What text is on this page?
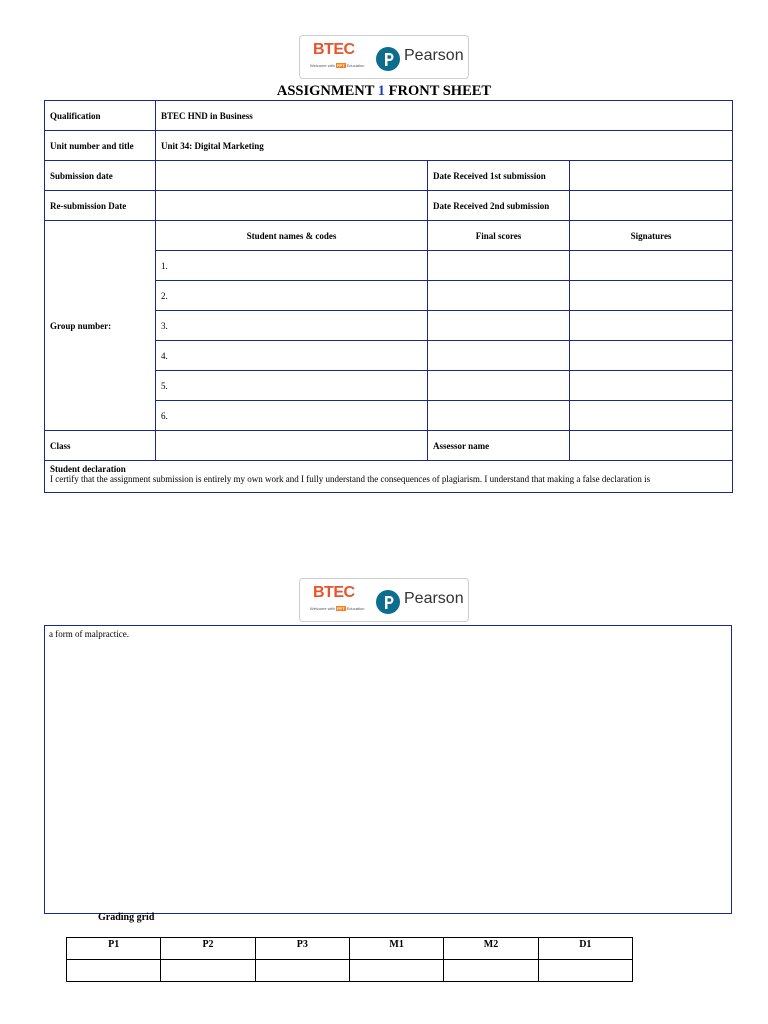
BTEC
Welcome with FPT Education
Pearson
ASSIGNMENT 1 FRONT SHEET
Qualification	BTEC HND in Business		
Unit number and title	Unit 34: Digital Marketing		
Submission date		Date Received 1st submission	
Re-submission Date		Date Received 2nd submission	
Group number:	Student names & codes	Final scores	Signatures
	1.		
	2.		
	3.		
	4.		
	5.		
	6.		
Class		Assessor name	

Student declaration
I certify that the assignment submission is entirely my own work and I fully understand the consequences of plagiarism. I understand that making a false declaration is			
BTEC
Welcome with FPT Education
Pearson
a form of malpractice.
Grading grid
P1	P2	P3	M1	M2	D1
